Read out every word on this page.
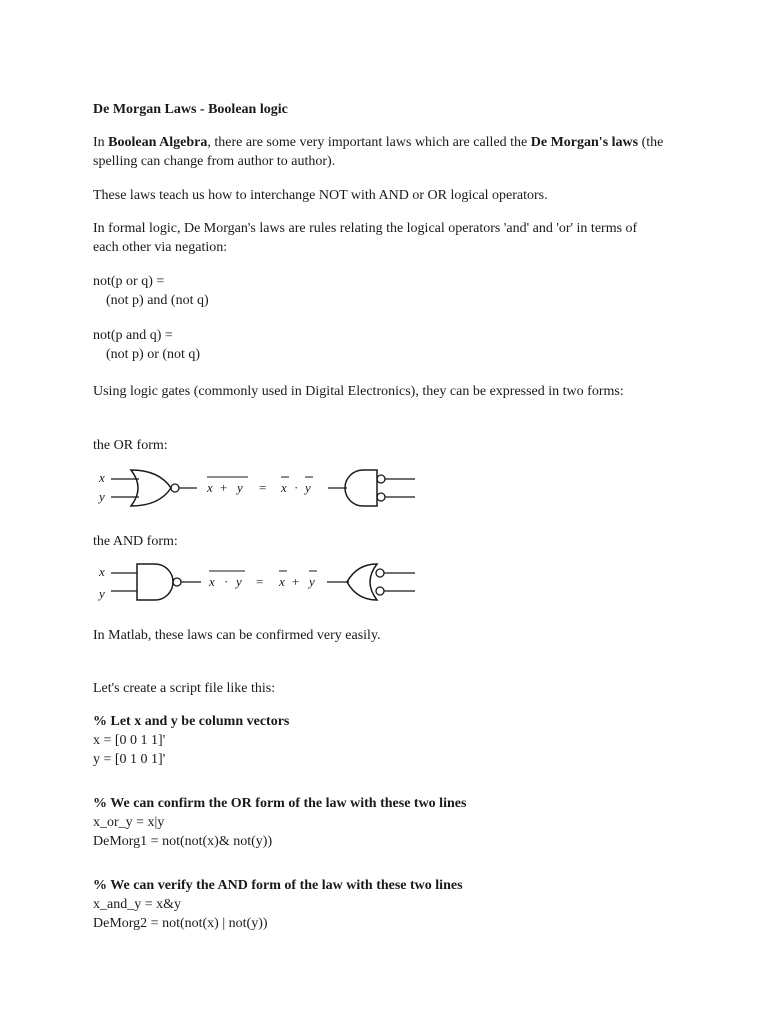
De Morgan Laws - Boolean logic

In Boolean Algebra, there are some very important laws which are called the De Morgan's laws (the spelling can change from author to author).

These laws teach us how to interchange NOT with AND or OR logical operators.

In formal logic, De Morgan's laws are rules relating the logical operators 'and' and 'or' in terms of each other via negation:

not(p or q) =
(not p) and (not q)
not(p and q) =
(not p) or (not q)

Using logic gates (commonly used in Digital Electronics), they can be expressed in two forms:

the OR form:

x
y
x + y = x · y

the AND form:

x
y
x · y = x + y

In Matlab, these laws can be confirmed very easily.

Let's create a script file like this:

% Let x and y be column vectors
x = [0 0 1 1]'
y = [0 1 0 1]'
% We can confirm the OR form of the law with these two lines
x_or_y = x|y
DeMorg1 = not(not(x)& not(y))
% We can verify the AND form of the law with these two lines
x_and_y = x&y
DeMorg2 = not(not(x) | not(y))
